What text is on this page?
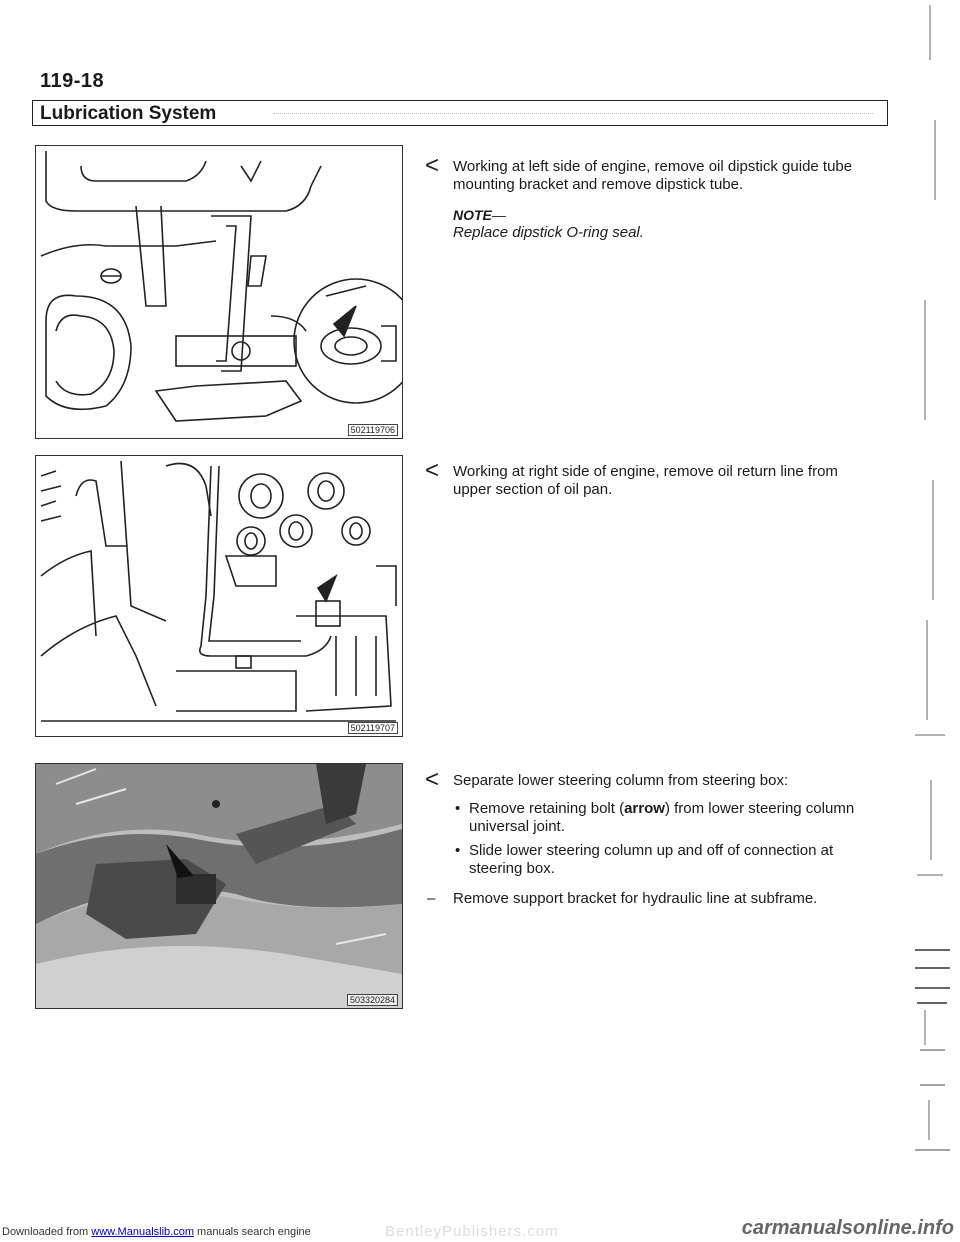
119-18
Lubrication System
502119706
502119707
503320284
< Working at left side of engine, remove oil dipstick guide tube mounting bracket and remove dipstick tube.
NOTE—
Replace dipstick O-ring seal.
< Working at right side of engine, remove oil return line from upper section of oil pan.
< Separate lower steering column from steering box:
• Remove retaining bolt (arrow) from lower steering column universal joint.
• Slide lower steering column up and off of connection at steering box.
– Remove support bracket for hydraulic line at subframe.
Downloaded from www.Manualslib.com manuals search engine	BentleyPublishers.com	carmanualsonline.info
